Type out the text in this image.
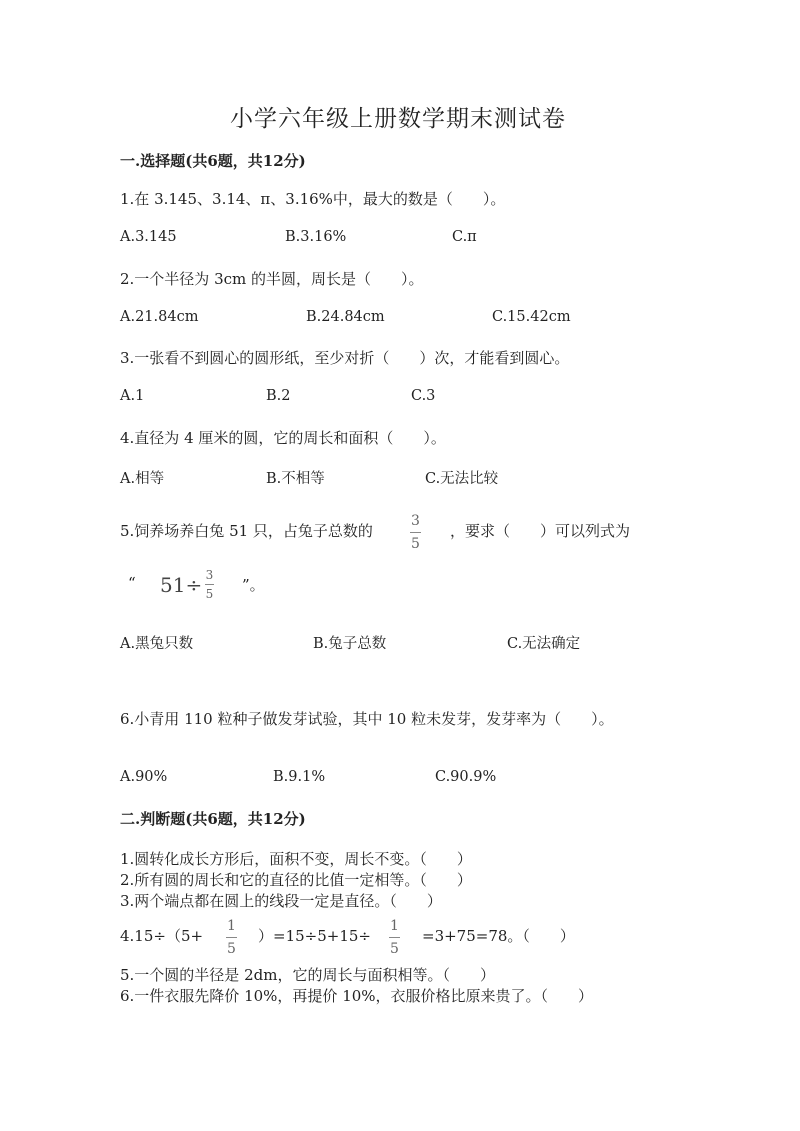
小学六年级上册数学期末测试卷
一.选择题(共6题，共12分)
1.在 3.145、3.14、π、3.16%中，最大的数是（　　）。
A.3.145	B.3.16%	C.π
2.一个半径为 3cm 的半圆，周长是（　　）。
A.21.84cm	B.24.84cm	C.15.42cm
3.一张看不到圆心的圆形纸，至少对折（　　）次，才能看到圆心。
A.1	B.2	C.3
4.直径为 4 厘米的圆，它的周长和面积（　　）。
A.相等	B.不相等	C.无法比较
5.饲养场养白兔 51 只，占兔子总数的
3
5
，要求（　　）可以列式为
“ 51÷ 3
5 ”。
A.黑兔只数	B.兔子总数	C.无法确定
6.小青用 110 粒种子做发芽试验，其中 10 粒未发芽，发芽率为（　　）。
A.90%	B.9.1%	C.90.9%
二.判断题(共6题，共12分)
1.圆转化成长方形后，面积不变，周长不变。（　　）
2.所有圆的周长和它的直径的比值一定相等。（　　）
3.两个端点都在圆上的线段一定是直径。（　　）
4.15÷（5+
1
5
）=15÷5+15÷
1
5
=3+75=78。（　　）
5.一个圆的半径是 2dm，它的周长与面积相等。（　　）
6.一件衣服先降价 10%，再提价 10%，衣服价格比原来贵了。（　　）
